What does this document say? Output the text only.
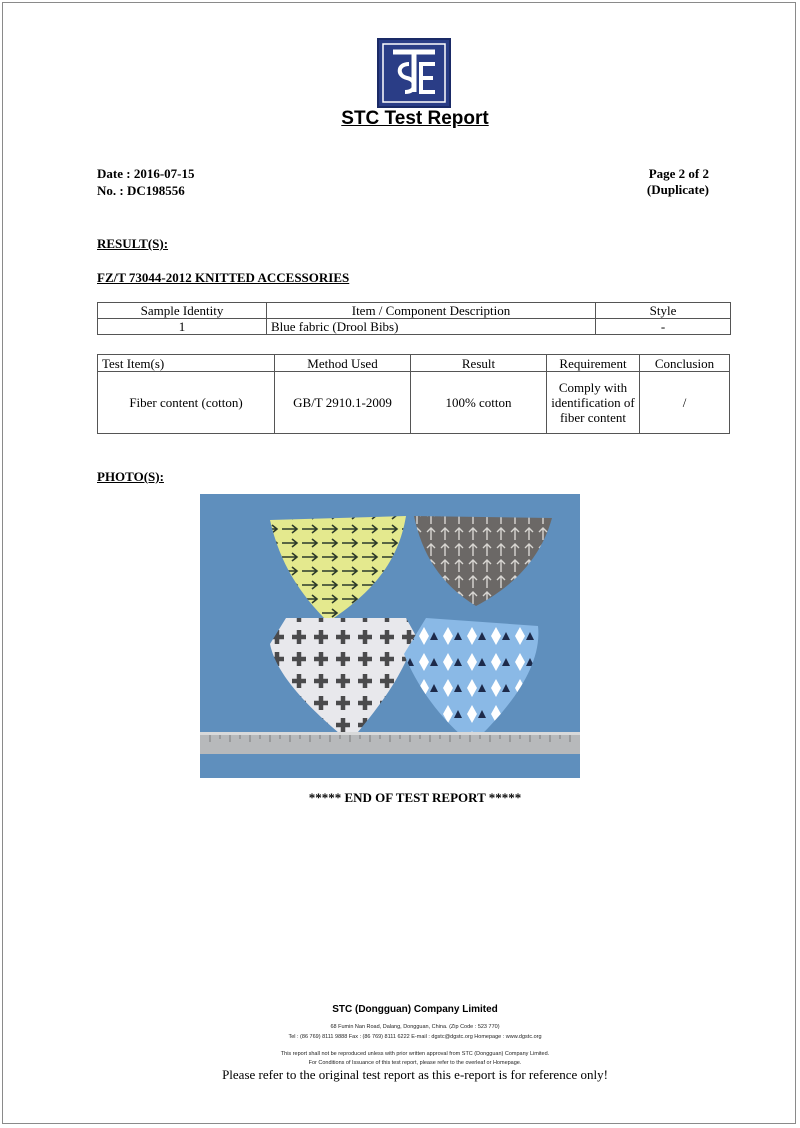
STC Test Report
Date : 2016-07-15
No. : DC198556
Page 2 of 2
(Duplicate)
RESULT(S):
FZ/T 73044-2012 KNITTED ACCESSORIES
Sample Identity	Item / Component Description	Style
1	Blue fabric (Drool Bibs)	-
Test Item(s)	Method Used	Result	Requirement	Conclusion
Fiber content (cotton)	GB/T 2910.1-2009	100% cotton	Comply with identification of fiber content	/
PHOTO(S):
***** END OF TEST REPORT *****
STC (Dongguan) Company Limited
68 Fumin Nan Road, Dalang, Dongguan, China. (Zip Code : 523 770)
Tel : (86 769) 8111 9888 Fax : (86 769) 8111 6222 E-mail : dgstc@dgstc.org Homepage : www.dgstc.org
This report shall not be reproduced unless with prior written approval from STC (Dongguan) Company Limited.
For Conditions of Issuance of this test report, please refer to the overleaf or Homepage.
Please refer to the original test report as this e-report is for reference only!
